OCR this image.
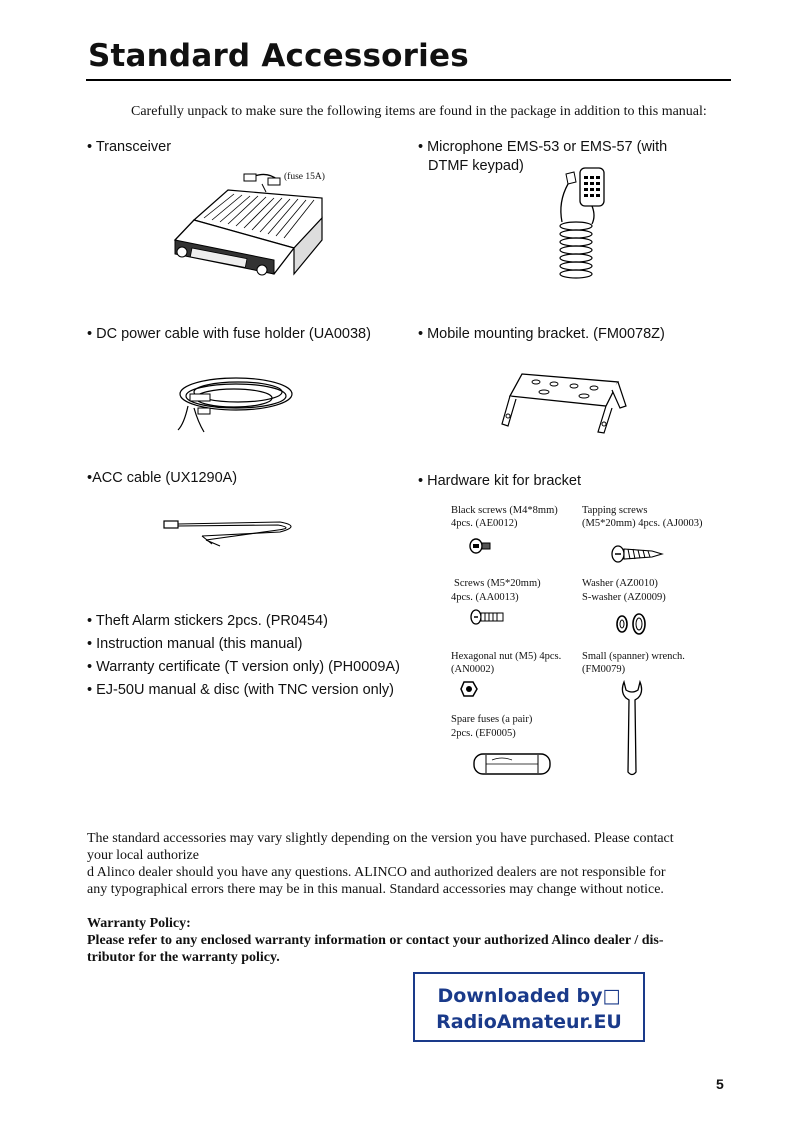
Standard Accessories
Carefully unpack to make sure the following items are found in the package in addition to this manual:
• Transceiver
(fuse 15A)
• Microphone EMS-53 or EMS-57 (with
DTMF keypad)
• DC power cable with fuse holder (UA0038)	• Mobile mounting bracket. (FM0078Z)
•ACC cable (UX1290A)	• Hardware kit for bracket
Black screws (M4*8mm)
4pcs. (AE0012)
Tapping screws
(M5*20mm) 4pcs. (AJ0003)
Screws (M5*20mm)
4pcs. (AA0013)
Washer (AZ0010)
S-washer (AZ0009)
Hexagonal nut (M5) 4pcs.
(AN0002)
Small (spanner) wrench.
(FM0079)
Spare fuses (a pair)
2pcs. (EF0005)
• Theft Alarm stickers 2pcs. (PR0454)
• Instruction manual (this manual)
• Warranty certificate (T version only) (PH0009A)
• EJ-50U manual & disc (with TNC version only)
The standard accessories may vary slightly depending on the version you have purchased. Please contact
your local authorize
d Alinco dealer should you have any questions. ALINCO and authorized dealers are not responsible for
any typographical errors there may be in this manual. Standard accessories may change without notice.
Warranty Policy:
Please refer to any enclosed warranty information or contact your authorized Alinco dealer / dis-
tributor for the warranty policy.
Downloaded by□
RadioAmateur.EU
5
